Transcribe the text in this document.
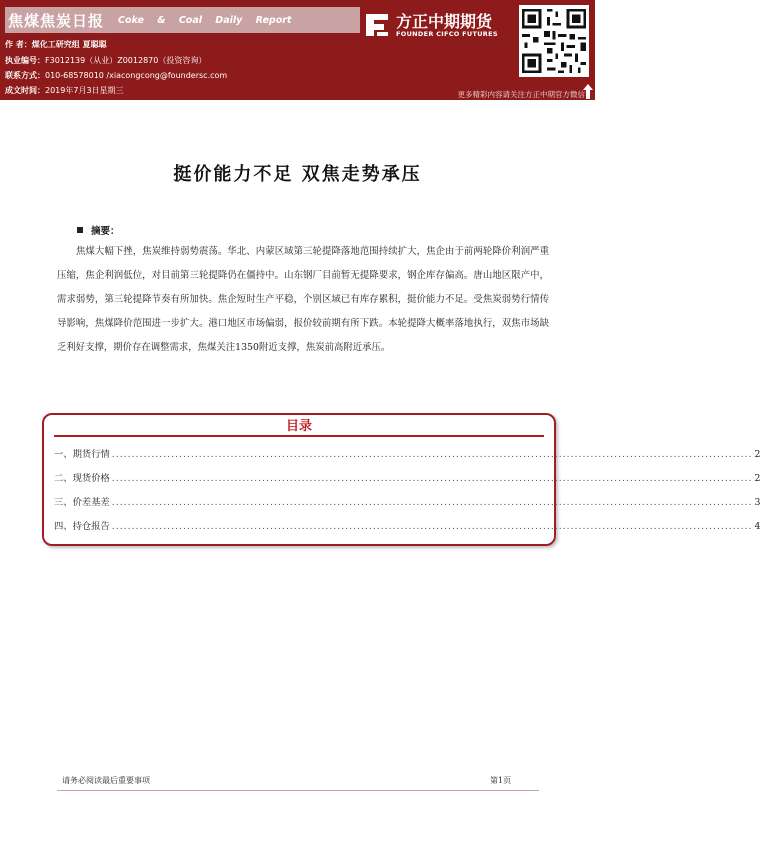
焦煤焦炭日报 Coke & Coal Daily Report
作 者：煤化工研究组 夏聪聪
执业编号：F3012139（从业）Z0012870（投资咨询）
联系方式：010-68578010 /xiacongcong@foundersc.com
成文时间：2019年7月3日星期三
方正中期期货
FOUNDER CIFCO FUTURES
更多精彩内容请关注方正中期官方微信
挺价能力不足 双焦走势承压
摘要：
焦煤大幅下挫，焦炭维持弱势震荡。华北、内蒙区域第三轮提降落地范围持续扩大，焦企由于前两轮降价利润严重压缩，焦企利润低位，对目前第三轮提降仍在僵持中。山东钢厂目前暂无提降要求，钢企库存偏高。唐山地区限产中，需求弱势，第三轮提降节奏有所加快。焦企短时生产平稳，个别区域已有库存累积，挺价能力不足。受焦炭弱势行情传导影响，焦煤降价范围进一步扩大。港口地区市场偏弱，报价较前期有所下跌。本轮提降大概率落地执行，双焦市场缺乏利好支撑，期价存在调整需求，焦煤关注1350附近支撑，焦炭前高附近承压。
目录
一、期货行情 .................................................................................................................................................................. 2
二、现货价格 .................................................................................................................................................................. 2
三、价差基差 .................................................................................................................................................................. 3
四、持仓报告 .................................................................................................................................................................. 4
请务必阅读最后重要事项	第1页
